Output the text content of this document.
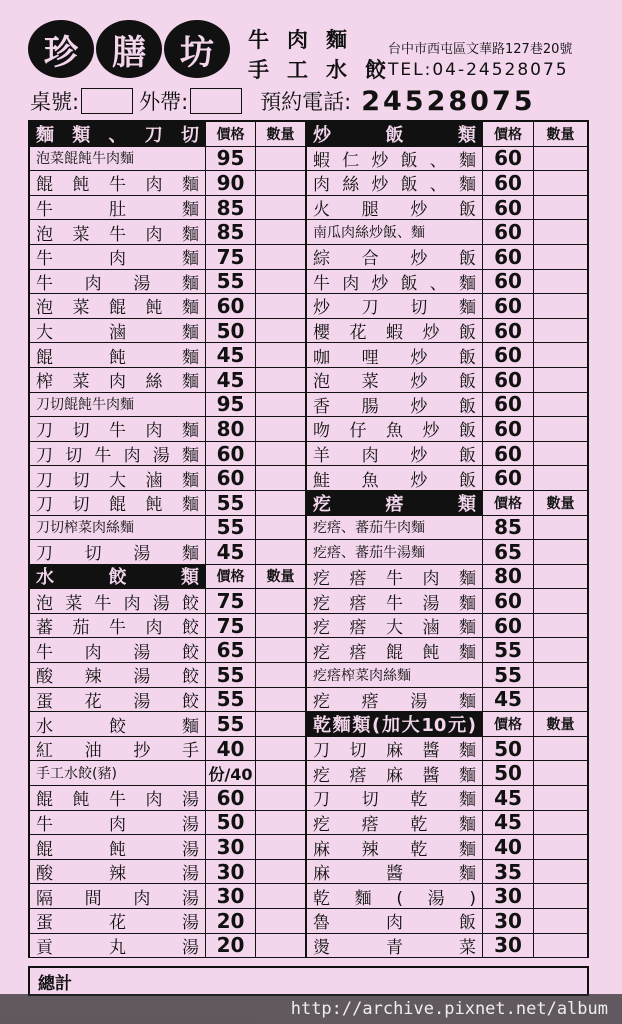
珍	膳	坊	牛肉麵
手工水餃
台中市西屯區文華路127巷20號
TEL:04-24528075
桌號:	外帶:	預約電話: 24528075
麵類、刀切	價格	數量
泡菜餛飩牛肉麵	95
餛飩牛肉麵 90
牛肚麵 85
泡菜牛肉麵 85
牛肉麵 75
牛肉湯麵 55
泡菜餛飩麵 60
大滷麵 50
餛飩麵 45
榨菜肉絲麵 45
刀切餛飩牛肉麵	95
刀切牛肉麵 80
刀切牛肉湯麵 60
刀切大滷麵 60
刀切餛飩麵 55
刀切榨菜肉絲麵	55
刀切湯麵 45
水餃類	價格	數量
泡菜牛肉湯餃 75
蕃茄牛肉餃 75
牛肉湯餃 65
酸辣湯餃 55
蛋花湯餃 55
水餃麵 55
紅油抄手 40
手工水餃(豬)	份/40
餛飩牛肉湯 60
牛肉湯 50
餛飩湯 30
酸辣湯 30
隔間肉湯 30
蛋花湯 20
貢丸湯 20
炒飯類	價格	數量
蝦仁炒飯、麵 60
肉絲炒飯、麵 60
火腿炒飯 60
南瓜肉絲炒飯、麵	60
綜合炒飯 60
牛肉炒飯、麵 60
炒刀切麵 60
櫻花蝦炒飯 60
咖哩炒飯 60
泡菜炒飯 60
香腸炒飯 60
吻仔魚炒飯 60
羊肉炒飯 60
鮭魚炒飯 60
疙瘩類	價格	數量
疙瘩、蕃茄牛肉麵	85
疙瘩、蕃茄牛湯麵	65
疙瘩牛肉麵 80
疙瘩牛湯麵 60
疙瘩大滷麵 60
疙瘩餛飩麵 55
疙瘩榨菜肉絲麵	55
疙瘩湯麵 45
乾麵類(加大10元)	價格	數量
刀切麻醬麵 50
疙瘩麻醬麵 50
刀切乾麵 45
疙瘩乾麵 45
麻辣乾麵 40
麻醬麵 35
乾麵(湯) 30
魯肉飯 30
燙青菜 30
總計
http://archive.pixnet.net/album
